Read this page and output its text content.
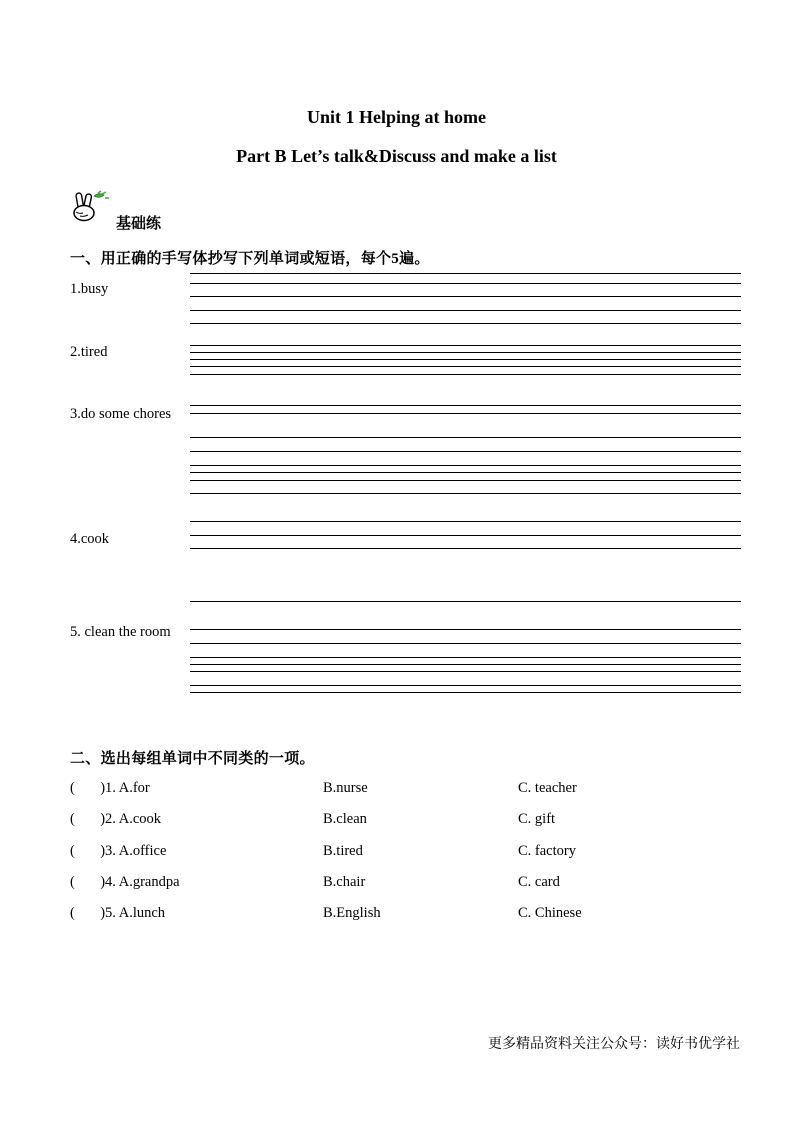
Unit 1 Helping at home
Part B Let’s talk&Discuss and make a list
基础练
一、用正确的手写体抄写下列单词或短语，每个5遍。
1.busy
2.tired
3.do some chores
4.cook
5. clean the room
二、选出每组单词中不同类的一项。
(       )1. A.for	B.nurse	C. teacher
(       )2. A.cook	B.clean	C. gift
(       )3. A.office	B.tired	C. factory
(       )4. A.grandpa	B.chair	C. card
(       )5. A.lunch	B.English	C. Chinese
更多精品资料关注公众号：读好书优学社
